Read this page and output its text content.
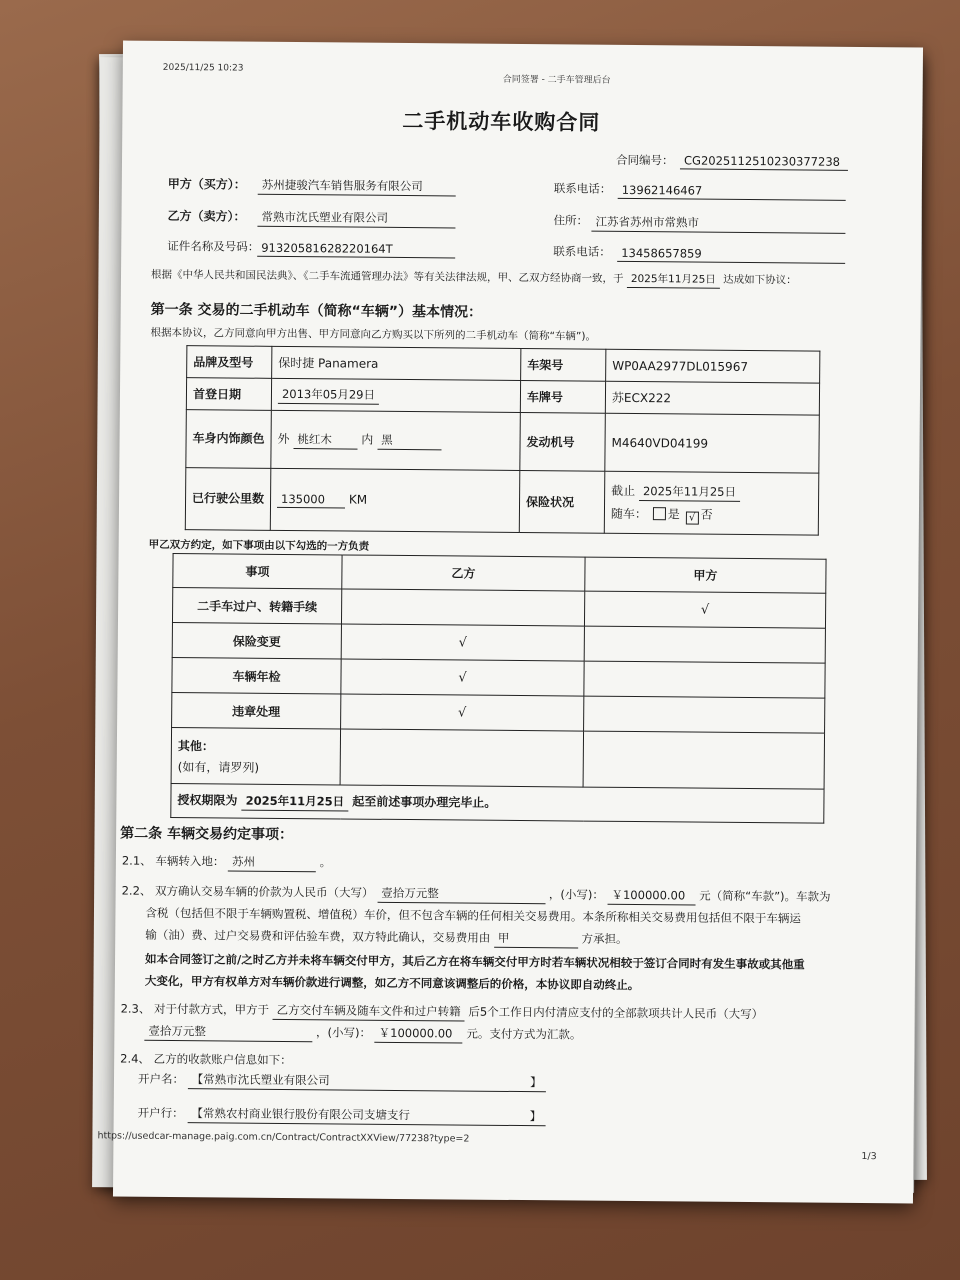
2025/11/25 10:23
合同签署 - 二手车管理后台
二手机动车收购合同
合同编号： CG2025112510230377238
甲方（买方）：	苏州捷骏汽车销售服务有限公司	联系电话： 13962146467
乙方（卖方）：	常熟市沈氏塑业有限公司	住所： 江苏省苏州市常熟市
证件名称及号码： 91320581628220164T	联系电话： 13458657859
根据《中华人民共和国民法典》、《二手车流通管理办法》等有关法律法规，甲、乙双方经协商一致，于 2025年11月25日 达成如下协议：
第一条 交易的二手机动车（简称“车辆”）基本情况：
根据本协议，乙方同意向甲方出售、甲方同意向乙方购买以下所列的二手机动车（简称“车辆”)。
品牌及型号	保时捷 Panamera	车架号	WP0AA2977DL015967
首登日期	2013年05月29日	车牌号	苏ECX222
车身内饰颜色	外 桃红木 内 黑	发动机号	M4640VD04199
已行驶公里数	135000 KM	保险状况	截止 2025年11月25日
随车： 是 √ 否
甲乙双方约定，如下事项由以下勾选的一方负责
事项	乙方	甲方
二手车过户、转籍手续		√
保险变更	√	
车辆年检	√	
违章处理	√	

其他：
(如有，请罗列)		

授权期限为 2025年11月25日 起至前述事项办理完毕止。		
第二条 车辆交易约定事项：
2.1、 车辆转入地： 苏州	。
2.2、 双方确认交易车辆的价款为人民币（大写） 壹拾万元整	，(小写)： ￥100000.00 元（简称“车款”)。车款为
含税（包括但不限于车辆购置税、增值税）车价，但不包含车辆的任何相关交易费用。本条所称相关交易费用包括但不限于车辆运
输（油）费、过户交易费和评估验车费，双方特此确认，交易费用由 甲	方承担。
如本合同签订之前/之时乙方并未将车辆交付甲方，其后乙方在将车辆交付甲方时若车辆状况相较于签订合同时有发生事故或其他重
大变化，甲方有权单方对车辆价款进行调整，如乙方不同意该调整后的价格，本协议即自动终止。
2.3、 对于付款方式，甲方于 乙方交付车辆及随车文件和过户转籍 后5个工作日内付清应支付的全部款项共计人民币（大写）
壹拾万元整	，(小写)： ￥100000.00 元。支付方式为汇款。
2.4、 乙方的收款账户信息如下：
开户名： 【常熟市沈氏塑业有限公司	】
开户行： 【常熟农村商业银行股份有限公司支塘支行	】
https://usedcar-manage.paig.com.cn/Contract/ContractXXView/77238?type=2
1/3
